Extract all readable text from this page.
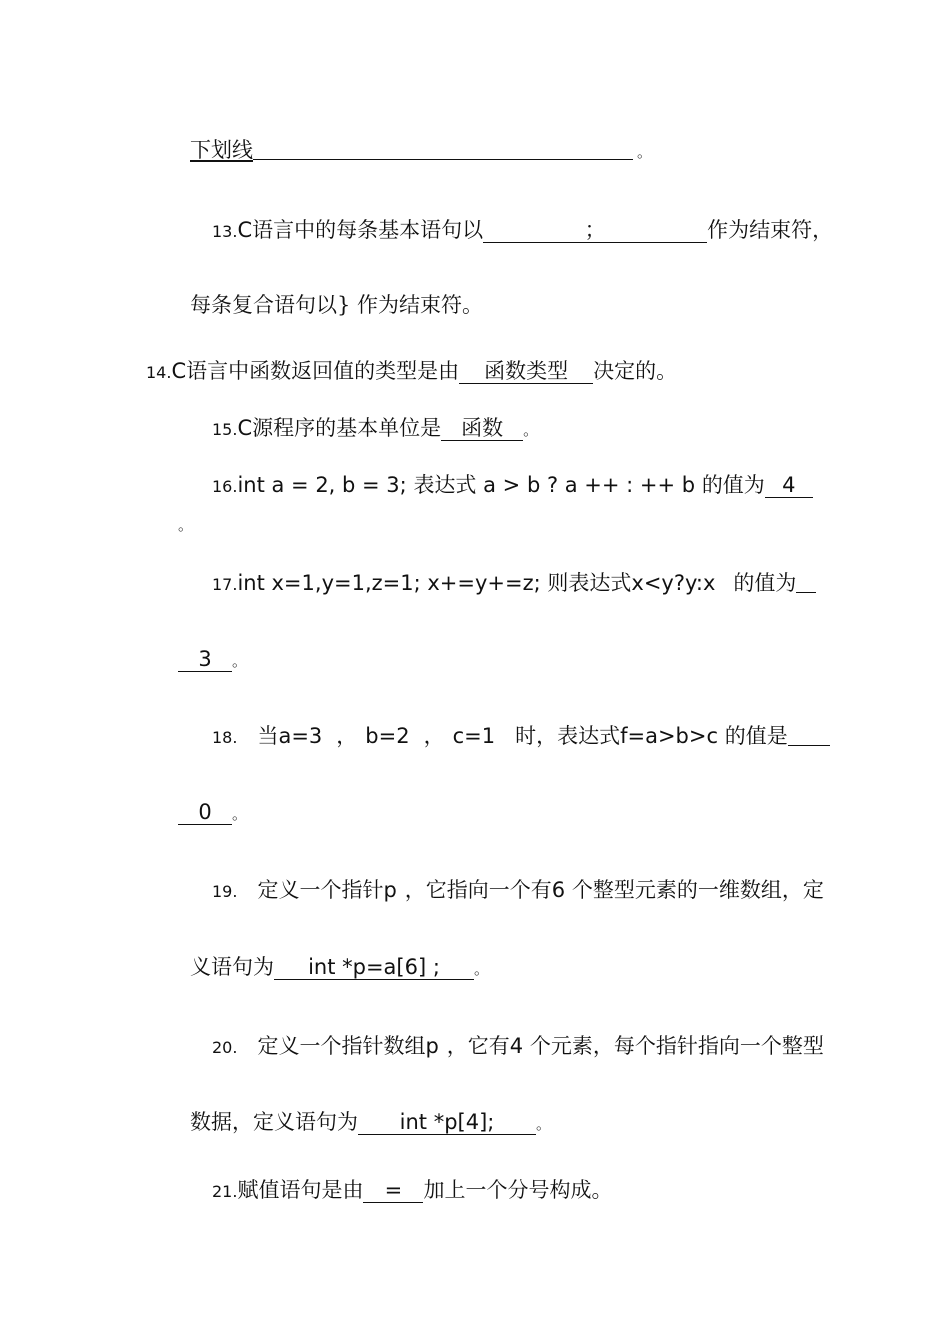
下划线	。
13.C语言中的每条基本语句以	；	作为结束符，
每条复合语句以} 作为结束符。
14.C语言中函数返回值的类型是由 函数类型 决定的。
15.C源程序的基本单位是 函数 。
16.int a = 2, b = 3; 表达式 a > b ? a ++ : ++ b 的值为 4
。
17.int x=1,y=1,z=1; x+=y+=z; 则表达式x<y?y:x 的值为
3 。
18. 当a=3 ， b=2 ， c=1 时，表达式f=a>b>c 的值是
0 。
19. 定义一个指针p ，它指向一个有6 个整型元素的一维数组，定
义语句为 int *p=a[6] ; 。
20. 定义一个指针数组p ，它有4 个元素，每个指针指向一个整型
数据，定义语句为 int *p[4];	。
21.赋值语句是由 = 加上一个分号构成。
